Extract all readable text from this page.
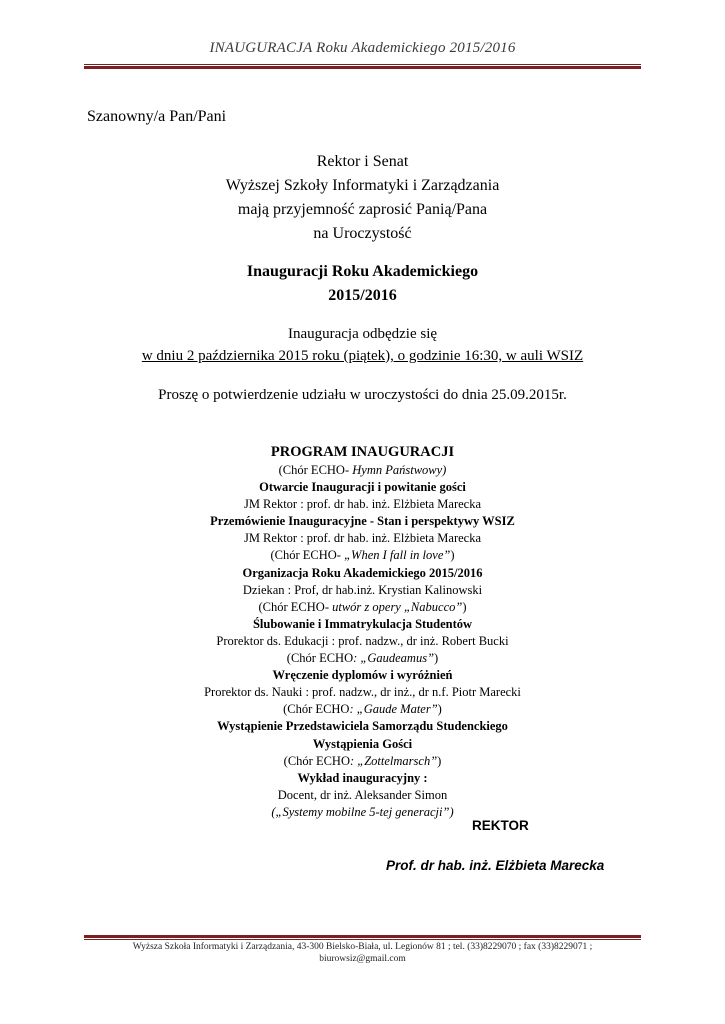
INAUGURACJA Roku Akademickiego 2015/2016
Szanowny/a Pan/Pani
Rektor i Senat
Wyższej Szkoły Informatyki i Zarządzania
mają przyjemność zaprosić Panią/Pana
na Uroczystość
Inauguracji Roku Akademickiego
2015/2016
Inauguracja odbędzie się
w dniu 2 października 2015 roku (piątek), o godzinie 16:30, w auli WSIZ
Proszę o potwierdzenie udziału w uroczystości do dnia 25.09.2015r.
PROGRAM INAUGURACJI
(Chór ECHO- Hymn Państwowy)
Otwarcie Inauguracji i powitanie gości
JM Rektor : prof. dr hab. inż. Elżbieta Marecka
Przemówienie Inauguracyjne - Stan i perspektywy WSIZ
JM Rektor : prof. dr hab. inż. Elżbieta Marecka
(Chór ECHO- „When I fall in love”)
Organizacja Roku Akademickiego 2015/2016
Dziekan : Prof, dr hab.inż. Krystian Kalinowski
(Chór ECHO- utwór z opery „Nabucco”)
Ślubowanie i Immatrykulacja Studentów
Prorektor ds. Edukacji : prof. nadzw., dr inż. Robert Bucki
(Chór ECHO: „Gaudeamus”)
Wręczenie dyplomów i wyróżnień
Prorektor ds. Nauki : prof. nadzw., dr inż., dr n.f. Piotr Marecki
(Chór ECHO: „Gaude Mater”)
Wystąpienie Przedstawiciela Samorządu Studenckiego
Wystąpienia Gości
(Chór ECHO: „Zottelmarsch”)
Wykład inauguracyjny :
Docent, dr inż. Aleksander Simon
(„Systemy mobilne 5-tej generacji”)
REKTOR
Prof. dr hab. inż. Elżbieta Marecka
Wyższa Szkoła Informatyki i Zarządzania, 43-300 Bielsko-Biała, ul. Legionów 81 ; tel. (33)8229070 ; fax (33)8229071 ;
biurowsiz@gmail.com
